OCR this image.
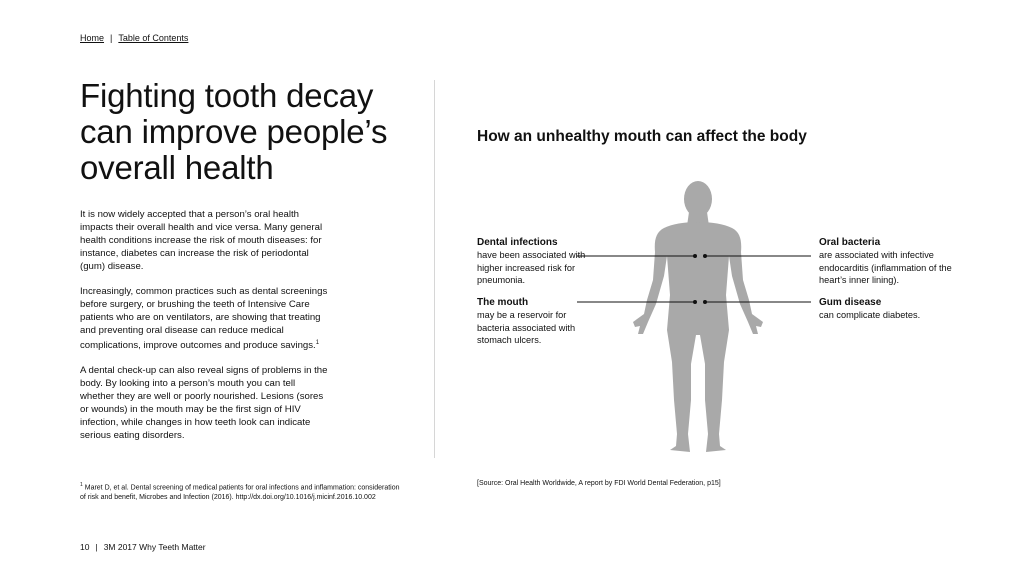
Home | Table of Contents
Fighting tooth decay can improve people’s overall health

It is now widely accepted that a person’s oral health impacts their overall health and vice versa. Many general health conditions increase the risk of mouth diseases: for instance, diabetes can increase the risk of periodontal (gum) disease.

Increasingly, common practices such as dental screenings before surgery, or brushing the teeth of Intensive Care patients who are on ventilators, are showing that treating and preventing oral disease can reduce medical complications, improve outcomes and produce savings.$^1$

A dental check-up can also reveal signs of problems in the body. By looking into a person’s mouth you can tell whether they are well or poorly nourished. Lesions (sores or wounds) in the mouth may be the first sign of HIV infection, while changes in how teeth look can indicate serious eating disorders.

$^1$ Maret D, et al. Dental screening of medical patients for oral infections and inflammation: consideration of risk and benefit, Microbes and Infection (2016). http://dx.doi.org/10.1016/j.micinf.2016.10.002
10 | 3M 2017 Why Teeth Matter
How an unhealthy mouth can affect the body
Dental infections
have been associated with higher increased risk for pneumonia.
The mouth
may be a reservoir for bacteria associated with stomach ulcers.
Oral bacteria
are associated with infective endocarditis (inflammation of the heart’s inner lining).
Gum disease
can complicate diabetes.
[Source: Oral Health Worldwide, A report by FDI World Dental Federation, p15]
